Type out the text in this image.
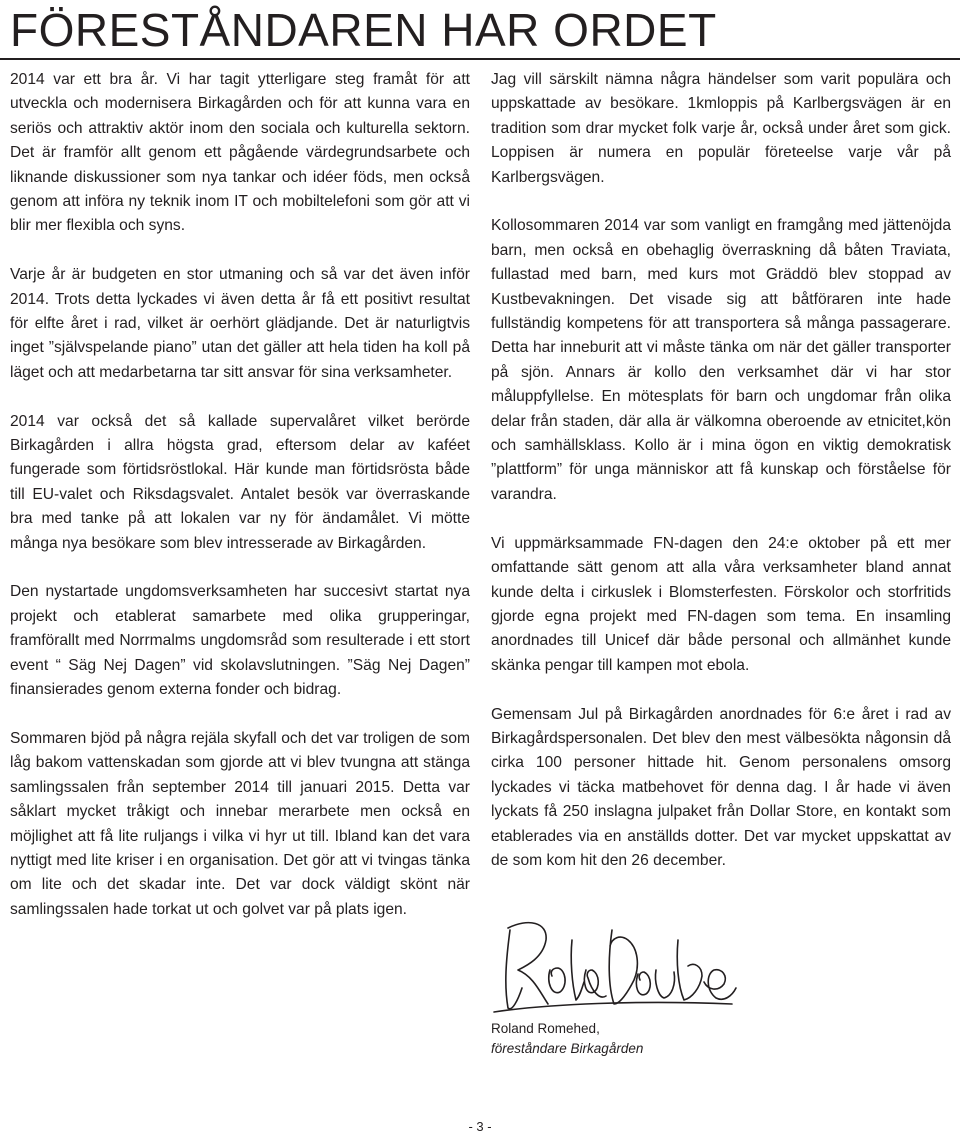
FÖRESTÅNDAREN HAR ORDET

2014 var ett bra år. Vi har tagit ytterligare steg framåt för att utveckla och modernisera Birkagården och för att kunna vara en seriös och attraktiv aktör inom den sociala och kulturella sektorn. Det är framför allt genom ett pågående värdegrundsarbete och liknande diskussioner som nya tankar och idéer föds, men också genom att införa ny teknik inom IT och mobiltelefoni som gör att vi blir mer flexibla och syns.

Varje år är budgeten en stor utmaning och så var det även inför 2014. Trots detta lyckades vi även detta år få ett positivt resultat för elfte året i rad, vilket är oerhört glädjande. Det är naturligtvis inget ”självspelande piano” utan det gäller att hela tiden ha koll på läget och att medarbetarna tar sitt ansvar för sina verksamheter.

2014 var också det så kallade supervalåret vilket berörde Birkagården i allra högsta grad, eftersom delar av kaféet fungerade som förtidsröstlokal. Här kunde man förtidsrösta både till EU-valet och Riksdagsvalet. Antalet besök var överraskande bra med tanke på att lokalen var ny för ändamålet. Vi mötte många nya besökare som blev intresserade av Birkagården.

Den nystartade ungdomsverksamheten har succesivt startat nya projekt och etablerat samarbete med olika grupperingar, framförallt med Norrmalms ungdomsråd som resulterade i ett stort event “ Säg Nej Dagen” vid skolavslutningen. ”Säg Nej Dagen” finansierades genom externa fonder och bidrag.

Sommaren bjöd på några rejäla skyfall och det var troligen de som låg bakom vattenskadan som gjorde att vi blev tvungna att stänga samlingssalen från september 2014 till januari 2015. Detta var såklart mycket tråkigt och innebar merarbete men också en möjlighet att få lite ruljangs i vilka vi hyr ut till. Ibland kan det vara nyttigt med lite kriser i en organisation. Det gör att vi tvingas tänka om lite och det skadar inte. Det var dock väldigt skönt när samlingssalen hade torkat ut och golvet var på plats igen.

Jag vill särskilt nämna några händelser som varit populära och uppskattade av besökare. 1kmloppis på Karlbergsvägen är en tradition som drar mycket folk varje år, också under året som gick. Loppisen är numera en populär företeelse varje vår på Karlbergsvägen.

Kollosommaren 2014 var som vanligt en framgång med jättenöjda barn, men också en obehaglig överraskning då båten Traviata, fullastad med barn, med kurs mot Gräddö blev stoppad av Kustbevakningen. Det visade sig att båtföraren inte hade fullständig kompetens för att transportera så många passagerare. Detta har inneburit att vi måste tänka om när det gäller transporter på sjön. Annars är kollo den verksamhet där vi har stor måluppfyllelse. En mötesplats för barn och ungdomar från olika delar från staden, där alla är välkomna oberoende av etnicitet,kön och samhällsklass. Kollo är i mina ögon en viktig demokratisk ”plattform” för unga människor att få kunskap och förståelse för varandra.

Vi uppmärksammade FN-dagen den 24:e oktober på ett mer omfattande sätt genom att alla våra verksamheter bland annat kunde delta i cirkuslek i Blomsterfesten. Förskolor och storfritids gjorde egna projekt med FN-dagen som tema. En insamling anordnades till Unicef där både personal och allmänhet kunde skänka pengar till kampen mot ebola.

Gemensam Jul på Birkagården anordnades för 6:e året i rad av Birkagårdspersonalen. Det blev den mest välbesökta någonsin då cirka 100 personer hittade hit. Genom personalens omsorg lyckades vi täcka matbehovet för denna dag. I år hade vi även lyckats få 250 inslagna julpaket från Dollar Store, en kontakt som etablerades via en anställds dotter. Det var mycket uppskattat av de som kom hit den 26 december.

Roland Romehed,
föreståndare Birkagården
- 3 -
